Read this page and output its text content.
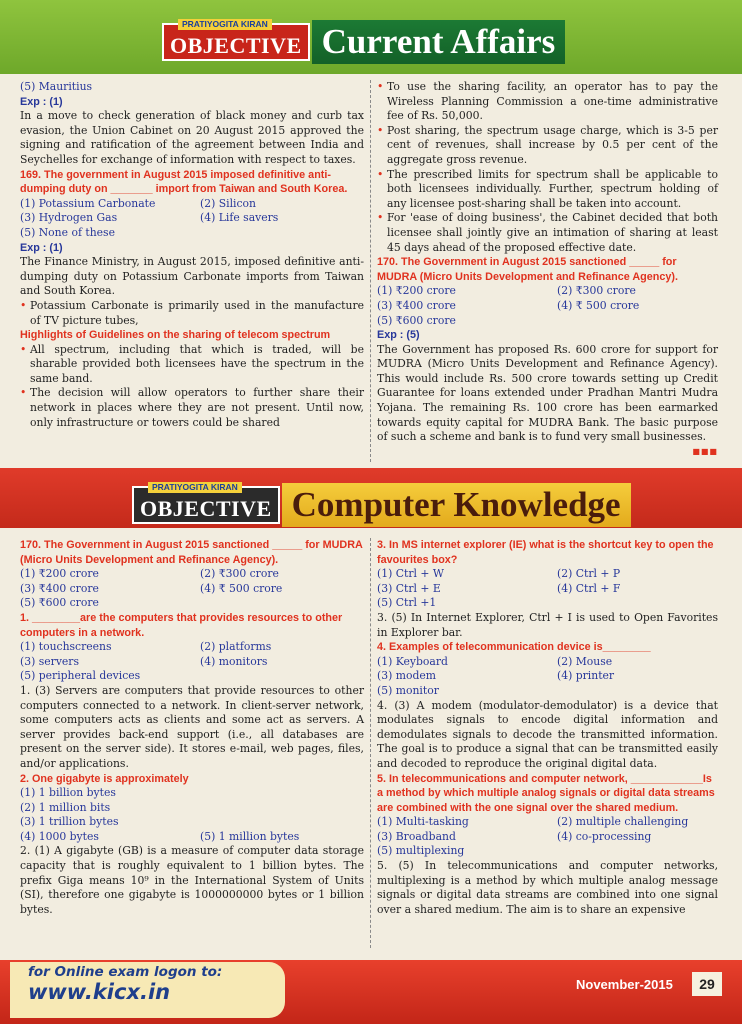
PRATIYOGITA KIRAN
OBJECTIVE Current Affairs
(5) Mauritius
Exp : (1)
In a move to check generation of black money and curb tax evasion, the Union Cabinet on 20 August 2015 approved the signing and ratification of the agreement between India and Seychelles for exchange of information with respect to taxes.
169. The government in August 2015 imposed definitive anti-dumping duty on _______ import from Taiwan and South Korea.
(1) Potassium Carbonate	(2) Silicon
(3) Hydrogen Gas	(4) Life savers
(5) None of these
Exp : (1)
The Finance Ministry, in August 2015, imposed definitive anti-dumping duty on Potassium Carbonate imports from Taiwan and South Korea.
• Potassium Carbonate is primarily used in the manufacture of TV picture tubes,
Highlights of Guidelines on the sharing of telecom spectrum
• All spectrum, including that which is traded, will be sharable provided both licensees have the spectrum in the same band.
• The decision will allow operators to further share their network in places where they are not present. Until now, only infrastructure or towers could be shared
• To use the sharing facility, an operator has to pay the Wireless Planning Commission a one-time administrative fee of Rs. 50,000.
• Post sharing, the spectrum usage charge, which is 3-5 per cent of revenues, shall increase by 0.5 per cent of the aggregate gross revenue.
• The prescribed limits for spectrum shall be applicable to both licensees individually. Further, spectrum holding of any licensee post-sharing shall be taken into account.
• For 'ease of doing business', the Cabinet decided that both licensee shall jointly give an intimation of sharing at least 45 days ahead of the proposed effective date.
170. The Government in August 2015 sanctioned _____ for MUDRA (Micro Units Development and Refinance Agency).
(1) ₹200 crore	(2) ₹300 crore
(3) ₹400 crore	(4) ₹ 500 crore
(5) ₹600 crore
Exp : (5)
The Government has proposed Rs. 600 crore for support for MUDRA (Micro Units Development and Refinance Agency). This would include Rs. 500 crore towards setting up Credit Guarantee for loans extended under Pradhan Mantri Mudra Yojana. The remaining Rs. 100 crore has been earmarked towards equity capital for MUDRA Bank. The basic purpose of such a scheme and bank is to fund very small businesses.
■■■
PRATIYOGITA KIRAN
OBJECTIVE Computer Knowledge
170. The Government in August 2015 sanctioned _____ for MUDRA (Micro Units Development and Refinance Agency).
(1) ₹200 crore	(2) ₹300 crore
(3) ₹400 crore	(4) ₹ 500 crore
(5) ₹600 crore
1. ________are the computers that provides resources to other computers in a network.
(1) touchscreens	(2) platforms
(3) servers	(4) monitors
(5) peripheral devices
1. (3) Servers are computers that provide resources to other computers connected to a network. In client-server network, some computers acts as clients and some act as servers. A server provides back-end support (i.e., all databases are present on the server side). It stores e-mail, web pages, files, and/or applications.
2. One gigabyte is approximately
(1) 1 billion bytes
(2) 1 million bits
(3) 1 trillion bytes
(4) 1000 bytes	(5) 1 million bytes
2. (1) A gigabyte (GB) is a measure of computer data storage capacity that is roughly equivalent to 1 billion bytes. The prefix Giga means 10⁹ in the International System of Units (SI), therefore one gigabyte is 1000000000 bytes or 1 billion bytes.
3. In MS internet explorer (IE) what is the shortcut key to open the favourites box?
(1) Ctrl + W	(2) Ctrl + P
(3) Ctrl + E	(4) Ctrl + F
(5) Ctrl +1
3. (5) In Internet Explorer, Ctrl + I is used to Open Favorites in Explorer bar.
4. Examples of telecommunication device is________
(1) Keyboard	(2) Mouse
(3) modem	(4) printer
(5) monitor
4. (3) A modem (modulator-demodulator) is a device that modulates signals to encode digital information and demodulates signals to decode the transmitted information. The goal is to produce a signal that can be transmitted easily and decoded to reproduce the original digital data.
5. In telecommunications and computer network, ____________Is a method by which multiple analog signals or digital data streams are combined with the one signal over the shared medium.
(1) Multi-tasking	(2) multiple challenging
(3) Broadband	(4) co-processing
(5) multiplexing
5. (5) In telecommunications and computer networks, multiplexing is a method by which multiple analog message signals or digital data streams are combined into one signal over a shared medium. The aim is to share an expensive
for Online exam logon to:
www.kicx.in	November-2015	29
